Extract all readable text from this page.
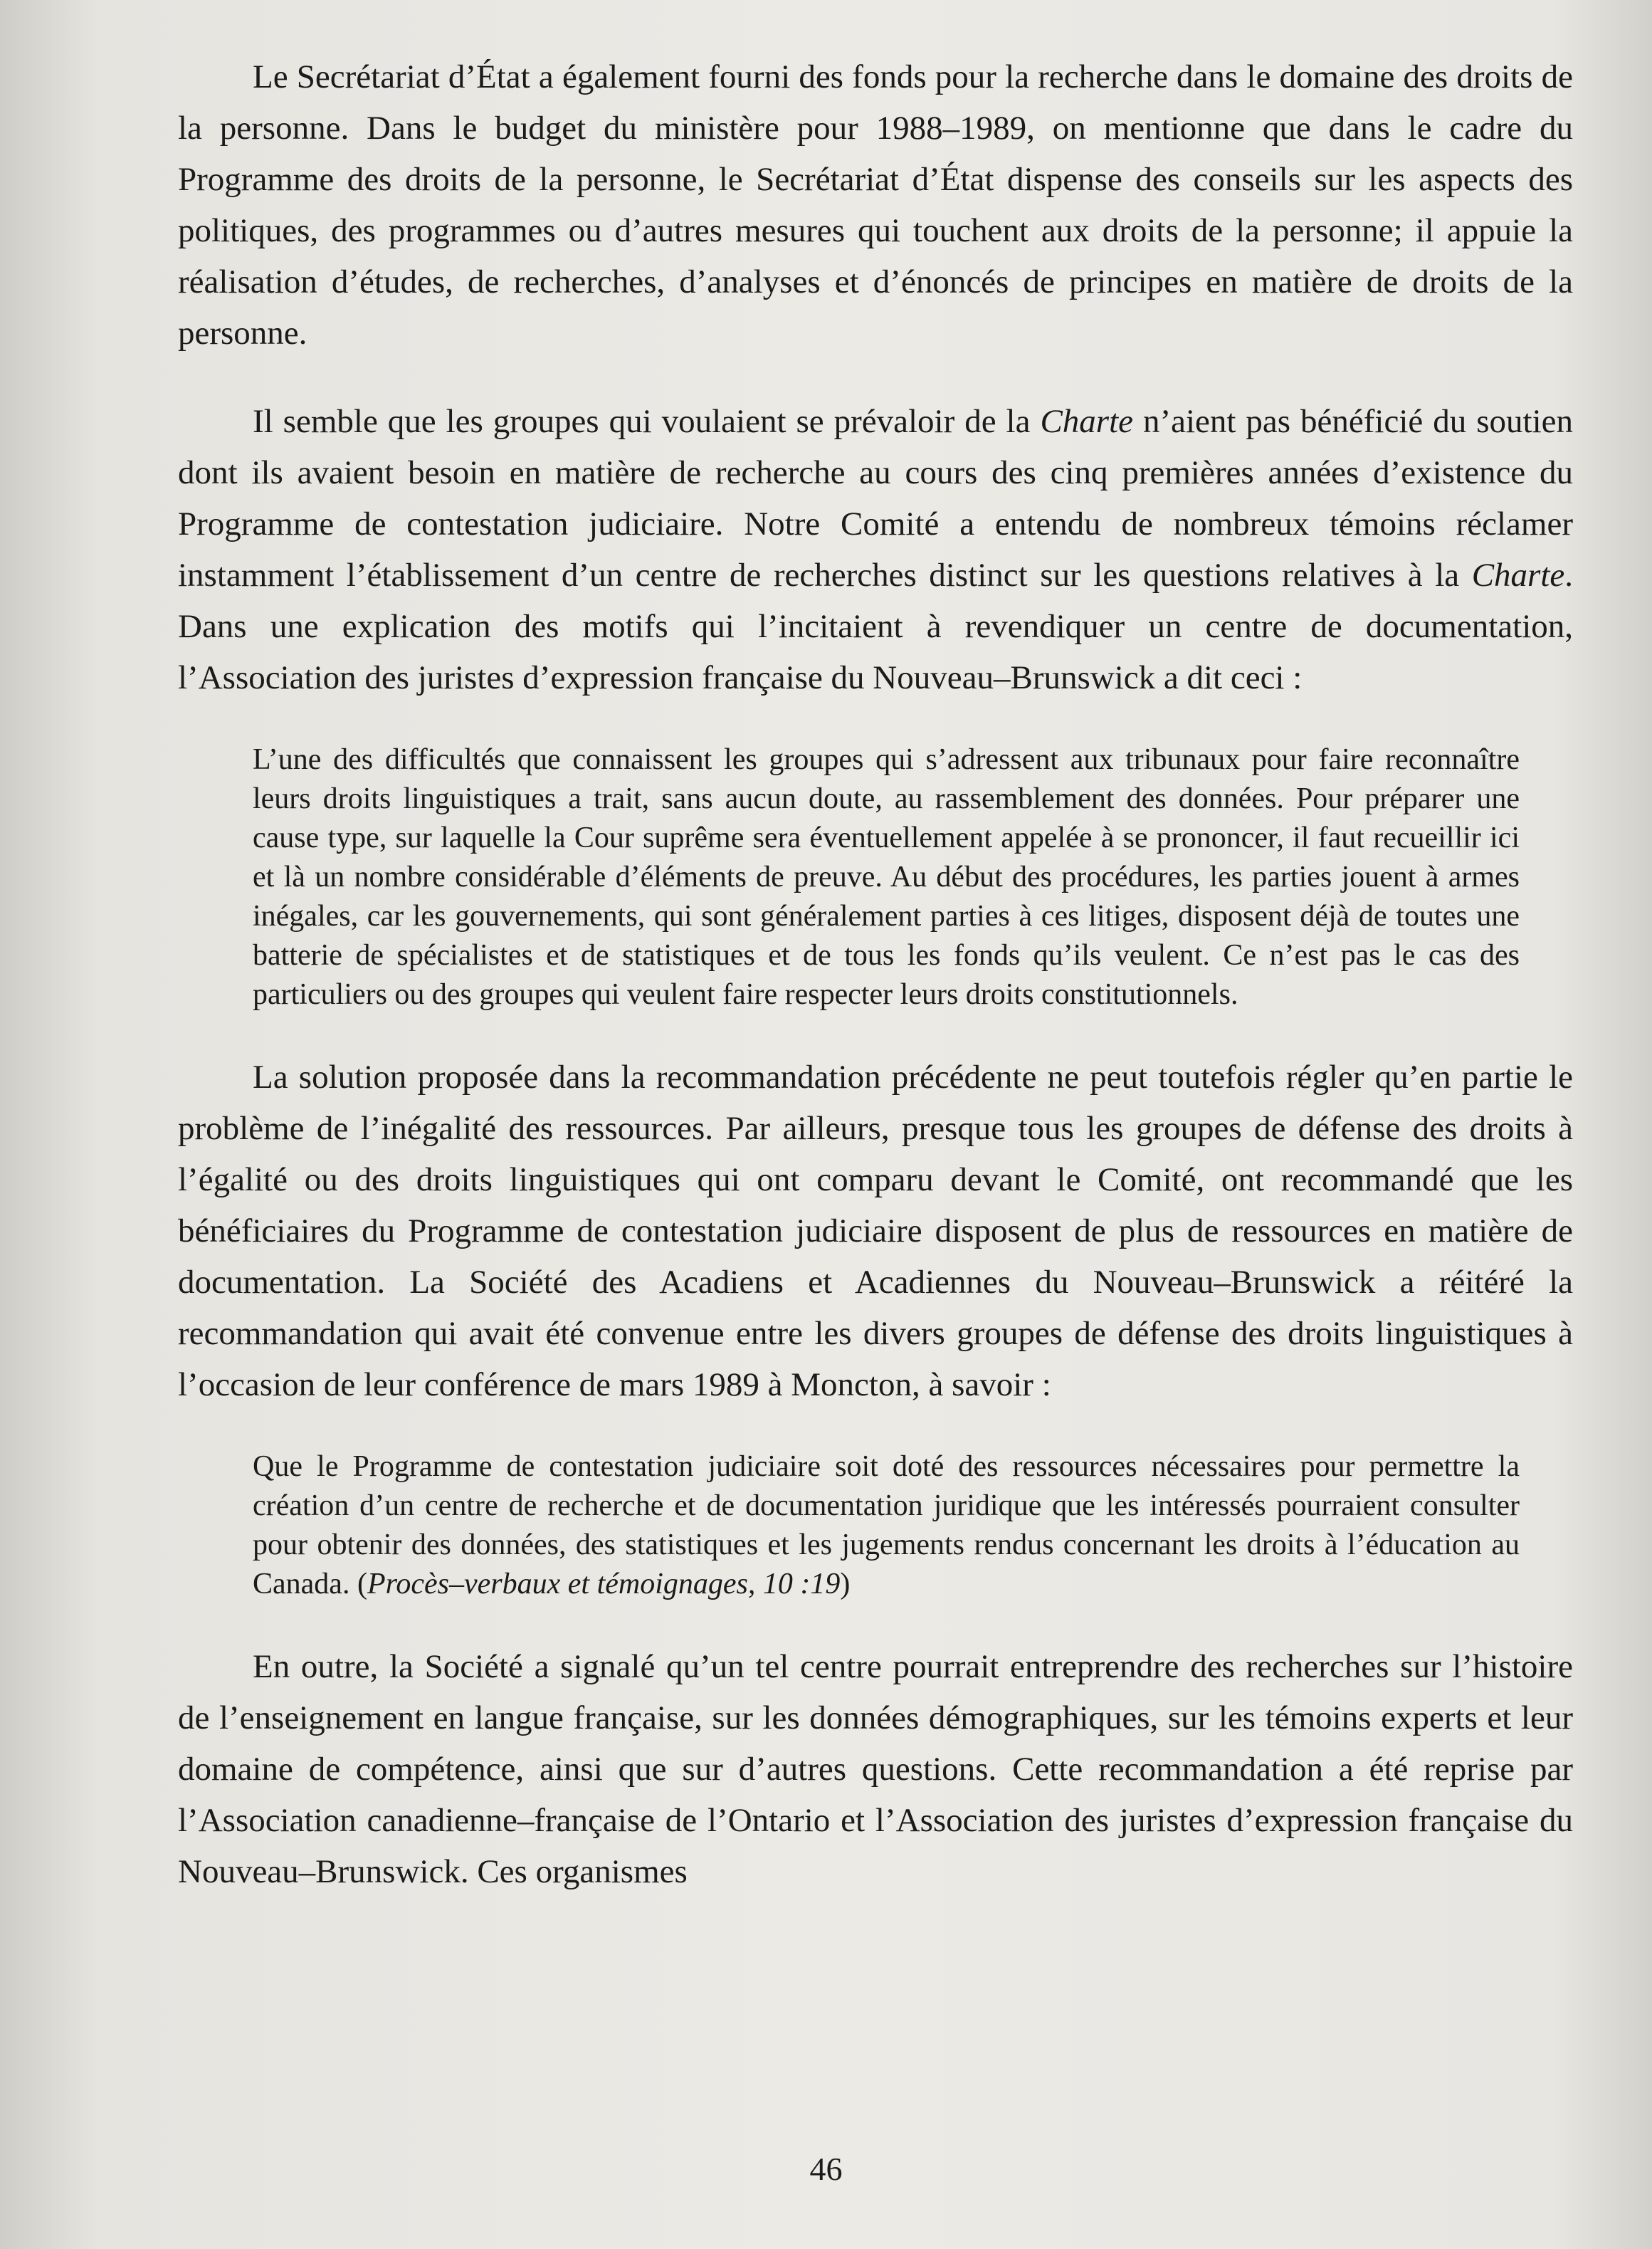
Le Secrétariat d’État a également fourni des fonds pour la recherche dans le domaine des droits de la personne. Dans le budget du ministère pour 1988–1989, on mentionne que dans le cadre du Programme des droits de la personne, le Secrétariat d’État dispense des conseils sur les aspects des politiques, des programmes ou d’autres mesures qui touchent aux droits de la personne; il appuie la réalisation d’études, de recherches, d’analyses et d’énoncés de principes en matière de droits de la personne.

Il semble que les groupes qui voulaient se prévaloir de la Charte n’aient pas bénéficié du soutien dont ils avaient besoin en matière de recherche au cours des cinq premières années d’existence du Programme de contestation judiciaire. Notre Comité a entendu de nombreux témoins réclamer instamment l’établissement d’un centre de recherches distinct sur les questions relatives à la Charte. Dans une explication des motifs qui l’incitaient à revendiquer un centre de documentation, l’Association des juristes d’expression française du Nouveau–Brunswick a dit ceci :

L’une des difficultés que connaissent les groupes qui s’adressent aux tribunaux pour faire reconnaître leurs droits linguistiques a trait, sans aucun doute, au rassemblement des données. Pour préparer une cause type, sur laquelle la Cour suprême sera éventuellement appelée à se prononcer, il faut recueillir ici et là un nombre considérable d’éléments de preuve. Au début des procédures, les parties jouent à armes inégales, car les gouvernements, qui sont généralement parties à ces litiges, disposent déjà de toutes une batterie de spécialistes et de statistiques et de tous les fonds qu’ils veulent. Ce n’est pas le cas des particuliers ou des groupes qui veulent faire respecter leurs droits constitutionnels.

La solution proposée dans la recommandation précédente ne peut toutefois régler qu’en partie le problème de l’inégalité des ressources. Par ailleurs, presque tous les groupes de défense des droits à l’égalité ou des droits linguistiques qui ont comparu devant le Comité, ont recommandé que les bénéficiaires du Programme de contestation judiciaire disposent de plus de ressources en matière de documentation. La Société des Acadiens et Acadiennes du Nouveau–Brunswick a réitéré la recommandation qui avait été convenue entre les divers groupes de défense des droits linguistiques à l’occasion de leur conférence de mars 1989 à Moncton, à savoir :

Que le Programme de contestation judiciaire soit doté des ressources nécessaires pour permettre la création d’un centre de recherche et de documentation juridique que les intéressés pourraient consulter pour obtenir des données, des statistiques et les jugements rendus concernant les droits à l’éducation au Canada. (Procès–verbaux et témoignages, 10 :19)

En outre, la Société a signalé qu’un tel centre pourrait entreprendre des recherches sur l’histoire de l’enseignement en langue française, sur les données démographiques, sur les témoins experts et leur domaine de compétence, ainsi que sur d’autres questions. Cette recommandation a été reprise par l’Association canadienne–française de l’Ontario et l’Association des juristes d’expression française du Nouveau–Brunswick. Ces organismes

46
